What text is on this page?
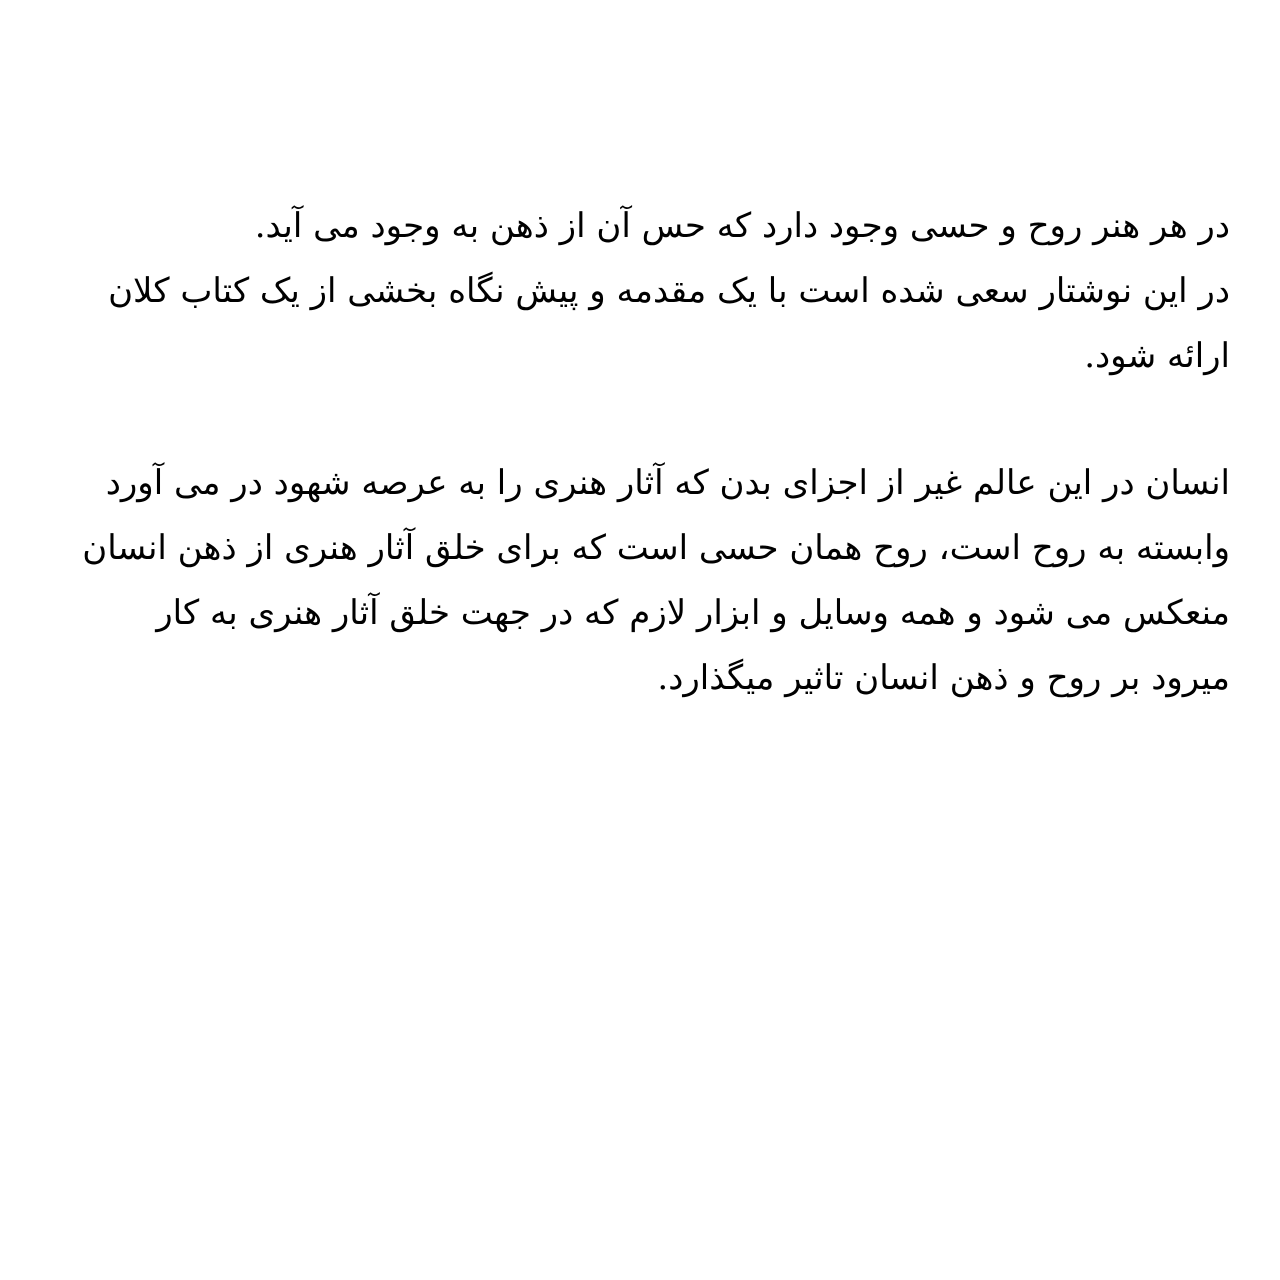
در هر هنر روح و حسی وجود دارد که حس آن از ذهن به وجود می آید.
در این نوشتار سعی شده است با یک مقدمه و پیش نگاه بخشی از یک کتاب کلان
ارائه شود.
انسان در این عالم غیر از اجزای بدن که آثار هنری را به عرصه شهود در می آورد
وابسته به روح است، روح همان حسی است که برای خلق آثار هنری از ذهن انسان
منعکس می شود و همه وسایل و ابزار لازم که در جهت خلق آثار هنری به کار
میرود بر روح و ذهن انسان تاثیر میگذارد.
